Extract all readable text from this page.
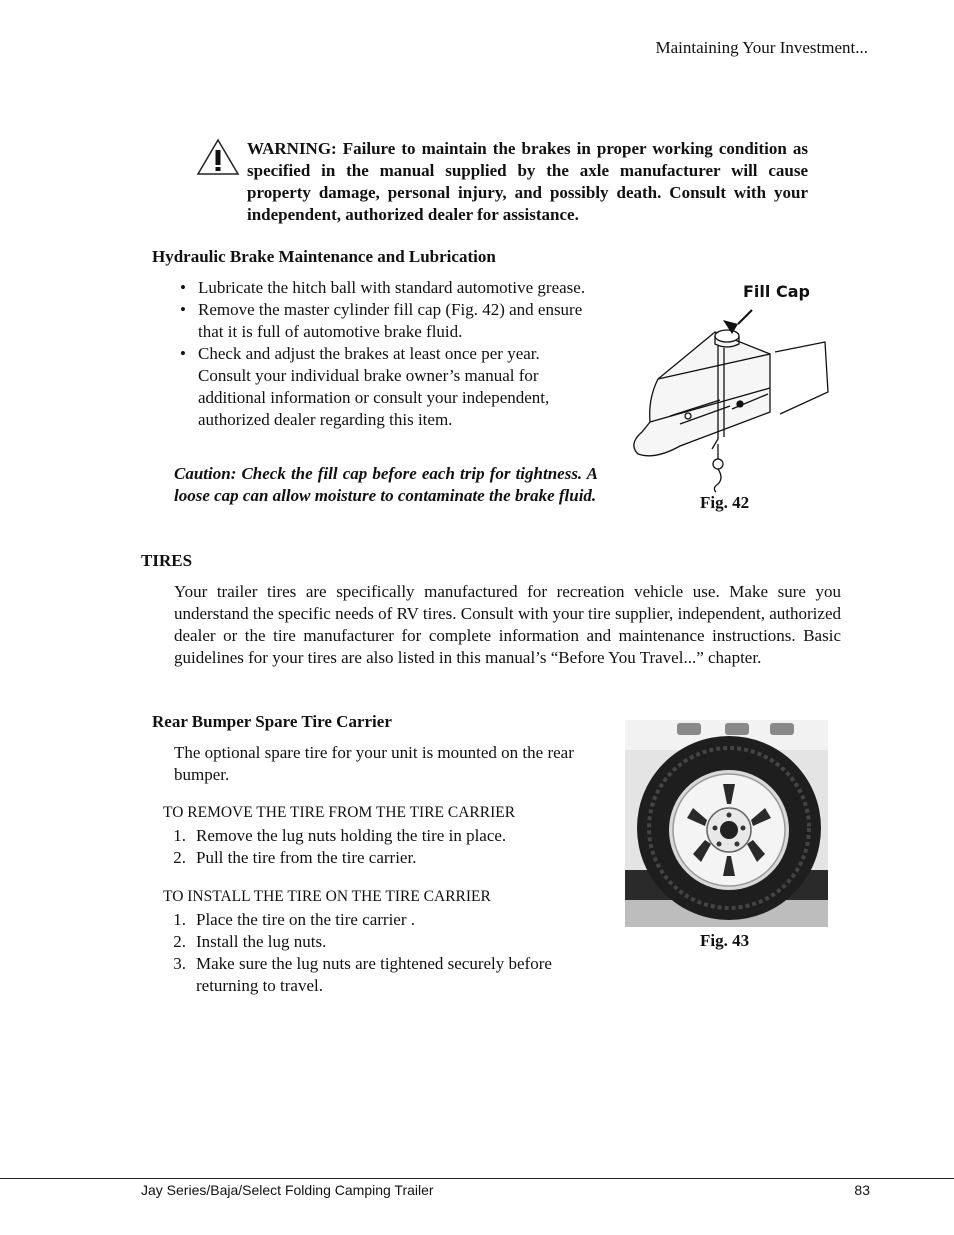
Maintaining Your Investment...
WARNING: Failure to maintain the brakes in proper working condition as specified in the manual supplied by the axle manufacturer will cause property damage, personal injury, and possibly death. Consult with your independent, authorized dealer for assistance.
Hydraulic Brake Maintenance and Lubrication
• Lubricate the hitch ball with standard automotive grease.
• Remove the master cylinder fill cap (Fig. 42) and ensure that it is full of automotive brake fluid.
• Check and adjust the brakes at least once per year. Consult your individual brake owner’s manual for additional information or consult your independent, authorized dealer regarding this item.
Caution: Check the fill cap before each trip for tightness. A loose cap can allow moisture to contaminate the brake fluid.
Fill Cap
Fig. 42
TIRES
Your trailer tires are specifically manufactured for recreation vehicle use. Make sure you understand the specific needs of RV tires. Consult with your tire supplier, independent, authorized dealer or the tire manufacturer for complete information and maintenance instructions. Basic guidelines for your tires are also listed in this manual’s “Before You Travel...” chapter.
Rear Bumper Spare Tire Carrier
The optional spare tire for your unit is mounted on the rear bumper.
TO REMOVE THE TIRE FROM THE TIRE CARRIER
1. Remove the lug nuts holding the tire in place.
2. Pull the tire from the tire carrier.
TO INSTALL THE TIRE ON THE TIRE CARRIER
1. Place the tire on the tire carrier .
2. Install the lug nuts.
3. Make sure the lug nuts are tightened securely before returning to travel.
Fig. 43
Jay Series/Baja/Select Folding Camping Trailer	83
